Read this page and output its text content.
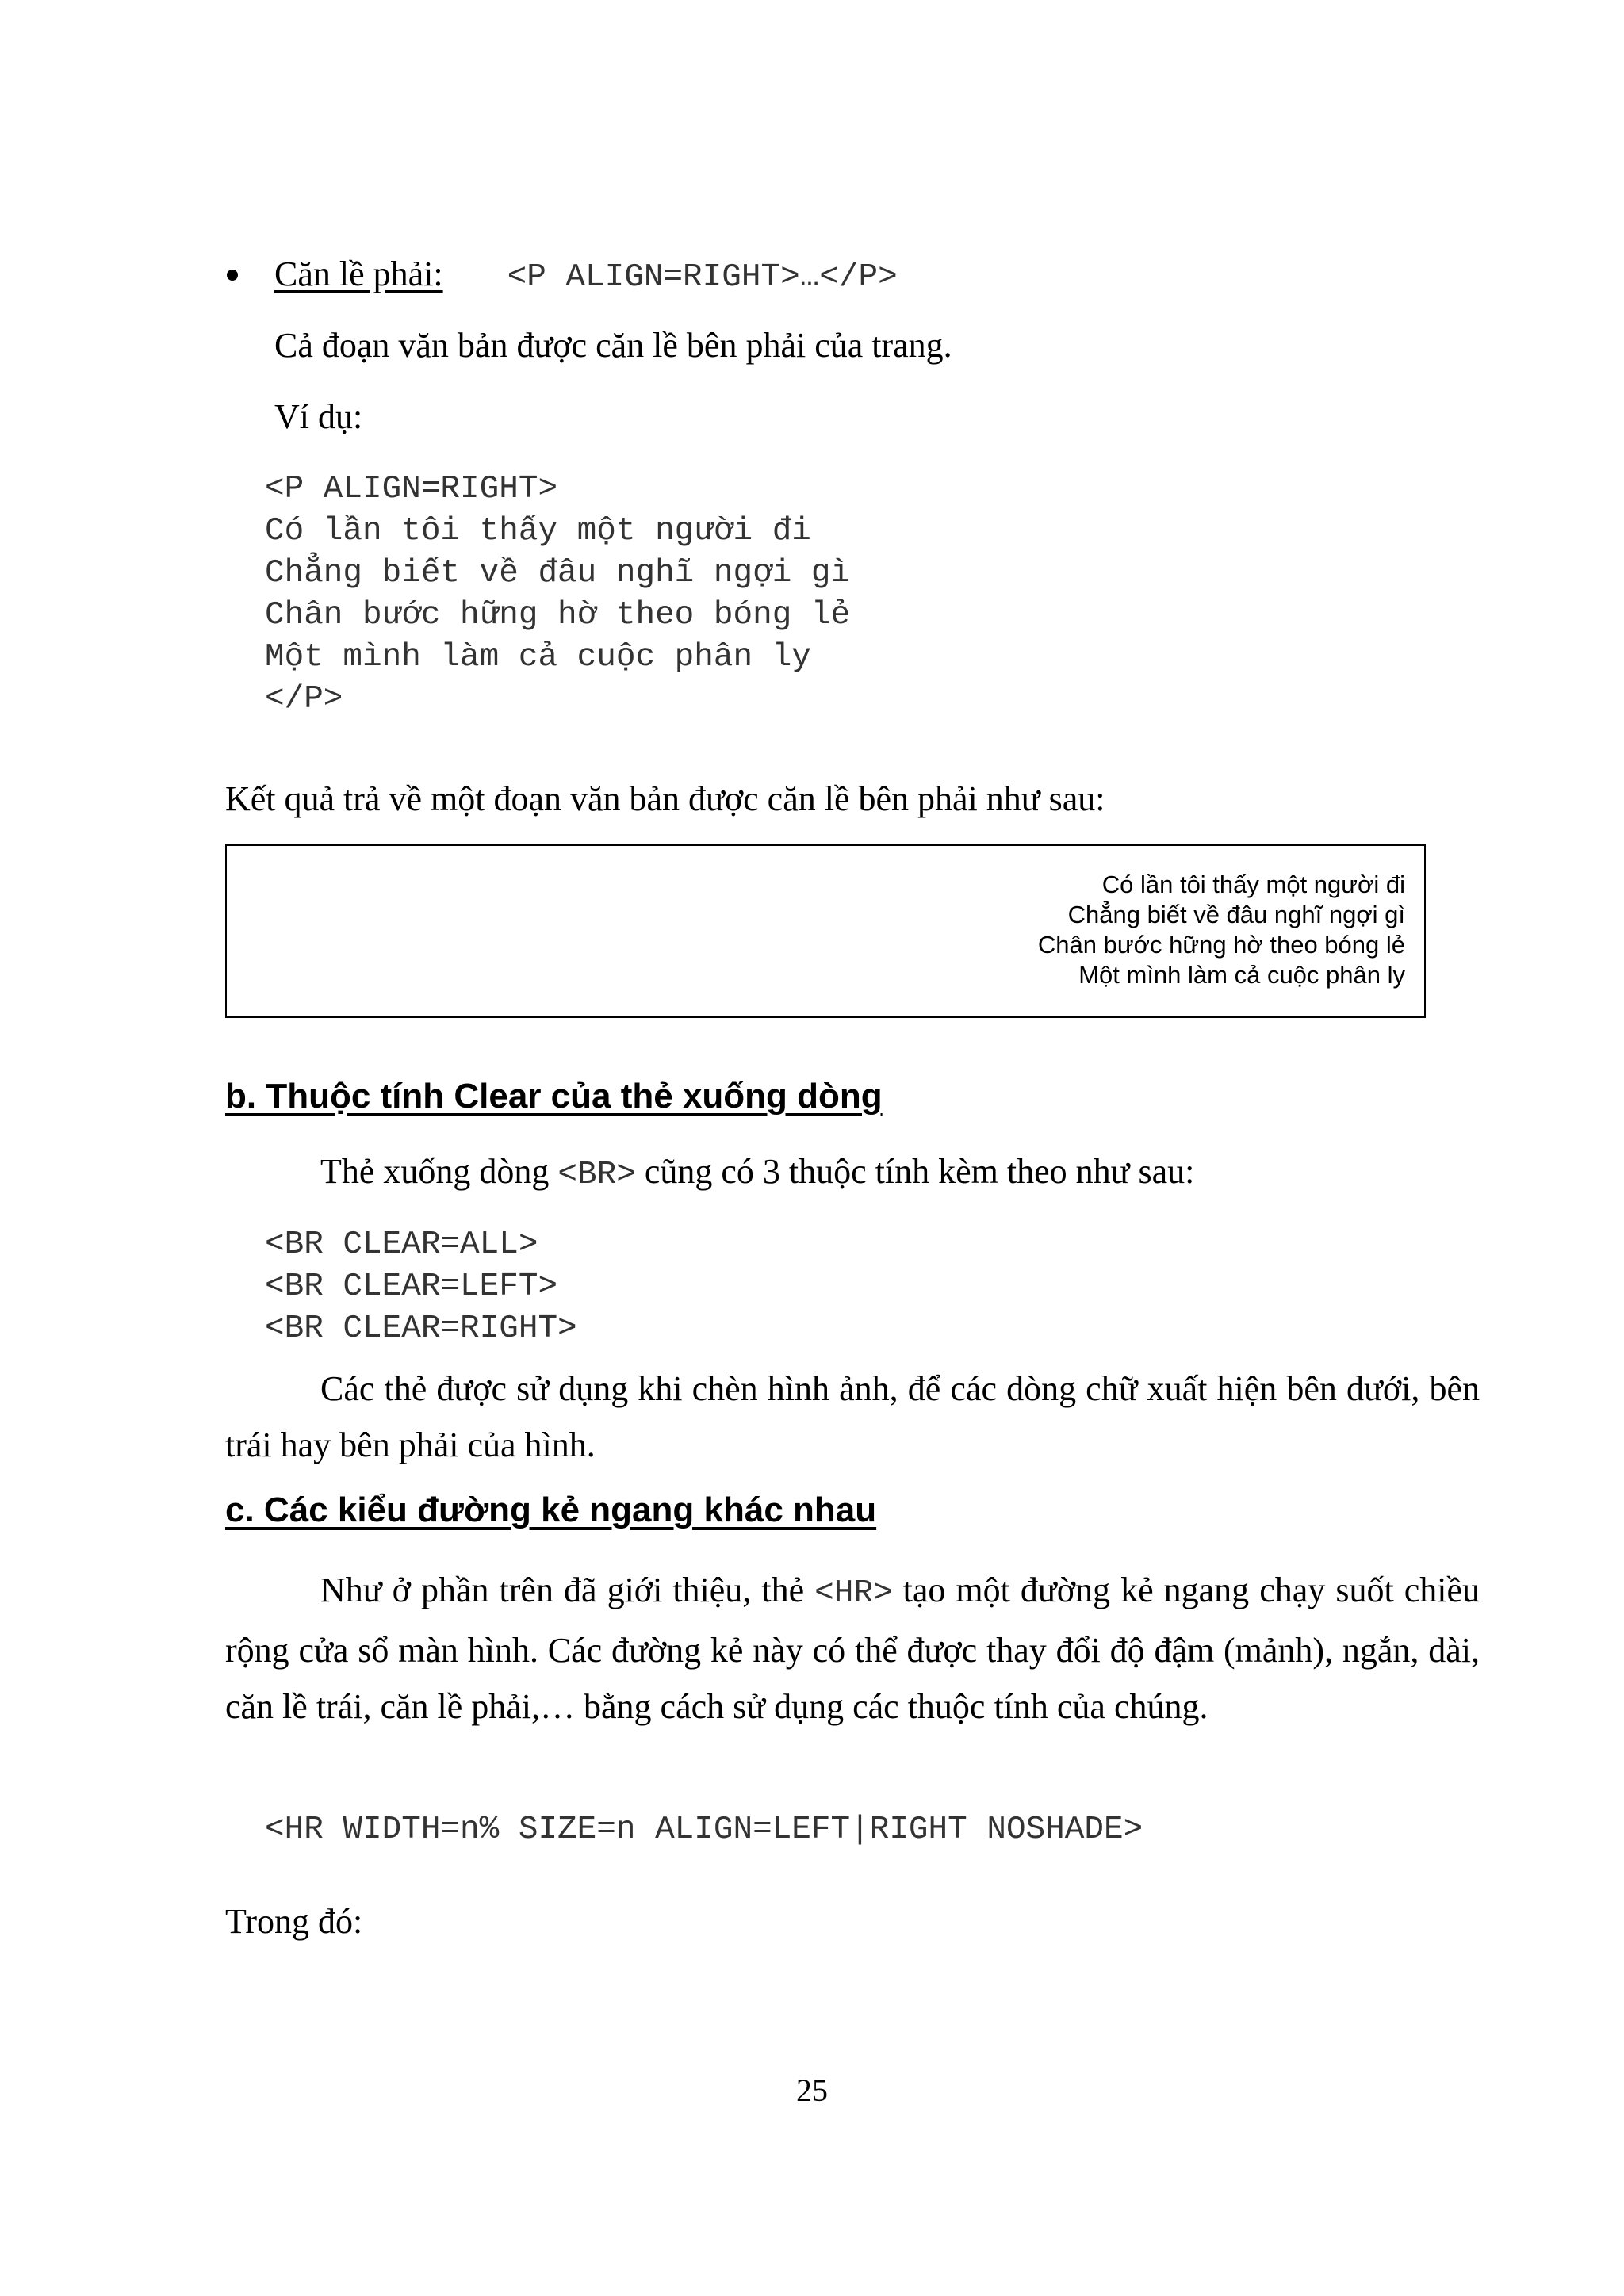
Căn lề phải: <P ALIGN=RIGHT>…</P>

Cả đoạn văn bản được căn lề bên phải của trang.

Ví dụ:

<P ALIGN=RIGHT>
Có lần tôi thấy một người đi
Chẳng biết về đâu nghĩ ngợi gì
Chân bước hững hờ theo bóng lẻ
Một mình làm cả cuộc phân ly
</P>

Kết quả trả về một đoạn văn bản được căn lề bên phải như sau:

Có lần tôi thấy một người đi
Chẳng biết về đâu nghĩ ngợi gì
Chân bước hững hờ theo bóng lẻ
Một mình làm cả cuộc phân ly
b. Thuộc tính Clear của thẻ xuống dòng

Thẻ xuống dòng <BR> cũng có 3 thuộc tính kèm theo như sau:

<BR CLEAR=ALL>
<BR CLEAR=LEFT>
<BR CLEAR=RIGHT>

Các thẻ được sử dụng khi chèn hình ảnh, để các dòng chữ xuất hiện bên dưới, bên trái hay bên phải của hình.

c. Các kiểu đường kẻ ngang khác nhau

Như ở phần trên đã giới thiệu, thẻ <HR> tạo một đường kẻ ngang chạy suốt chiều rộng cửa sổ màn hình. Các đường kẻ này có thể được thay đổi độ đậm (mảnh), ngắn, dài, căn lề trái, căn lề phải,… bằng cách sử dụng các thuộc tính của chúng.

<HR WIDTH=n% SIZE=n ALIGN=LEFT|RIGHT NOSHADE>

Trong đó:

25
